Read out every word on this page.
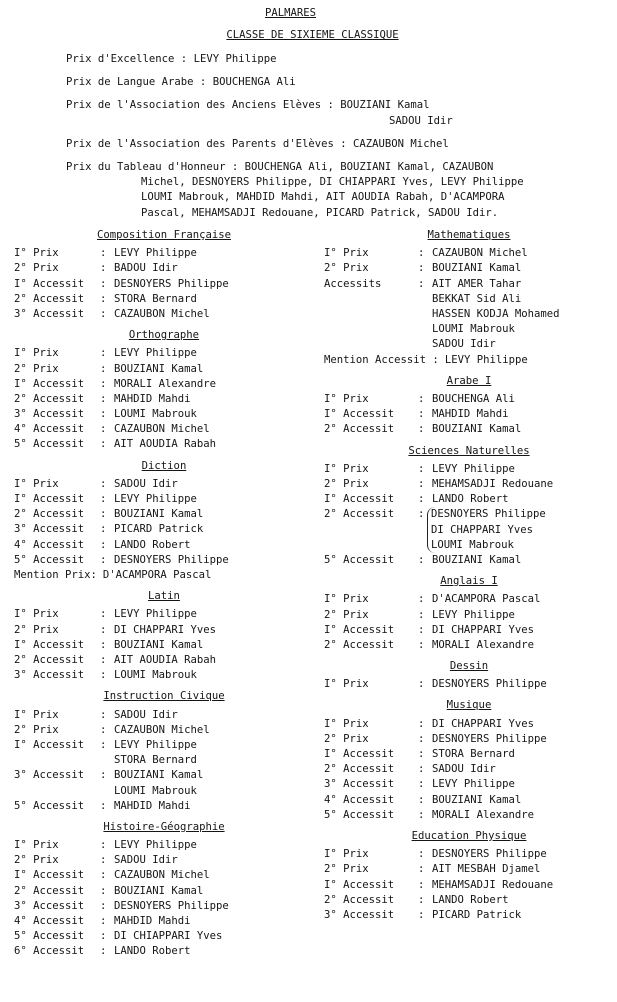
PALMARES
CLASSE DE SIXIEME CLASSIQUE
Prix d'Excellence : LEVY Philippe
Prix de Langue Arabe : BOUCHENGA Ali
Prix de l'Association des Anciens Elèves : BOUZIANI Kamal
SADOU Idir
Prix de l'Association des Parents d'Elèves : CAZAUBON Michel
Prix du Tableau d'Honneur : BOUCHENGA Ali, BOUZIANI Kamal, CAZAUBON
Michel, DESNOYERS Philippe, DI CHIAPPARI Yves, LEVY Philippe
LOUMI Mabrouk, MAHDID Mahdi, AIT AOUDIA Rabah, D'ACAMPORA
Pascal, MEHAMSADJI Redouane, PICARD Patrick, SADOU Idir.
Composition Française
I° Prix	: LEVY Philippe
2° Prix	: BADOU Idir
I° Accessit	: DESNOYERS Philippe
2° Accessit	: STORA Bernard
3° Accessit	: CAZAUBON Michel
Orthographe
I° Prix	: LEVY Philippe
2° Prix	: BOUZIANI Kamal
I° Accessit	: MORALI Alexandre
2° Accessit	: MAHDID Mahdi
3° Accessit	: LOUMI Mabrouk
4° Accessit	: CAZAUBON Michel
5° Accessit	: AIT AOUDIA Rabah
Diction
I° Prix	: SADOU Idir
I° Accessit	: LEVY Philippe
2° Accessit	: BOUZIANI Kamal
3° Accessit	: PICARD Patrick
4° Accessit	: LANDO Robert
5° Accessit	: DESNOYERS Philippe
Mention Prix: D'ACAMPORA Pascal
Latin
I° Prix	: LEVY Philippe
2° Prix	: DI CHAPPARI Yves
I° Accessit	: BOUZIANI Kamal
2° Accessit	: AIT AOUDIA Rabah
3° Accessit	: LOUMI Mabrouk
Instruction Civique
I° Prix	: SADOU Idir
2° Prix	: CAZAUBON Michel
I° Accessit	: LEVY Philippe
STORA Bernard
3° Accessit	: BOUZIANI Kamal
LOUMI Mabrouk
5° Accessit	: MAHDID Mahdi
Histoire-Géographie
I° Prix	: LEVY Philippe
2° Prix	: SADOU Idir
I° Accessit	: CAZAUBON Michel
2° Accessit	: BOUZIANI Kamal
3° Accessit	: DESNOYERS Philippe
4° Accessit	: MAHDID Mahdi
5° Accessit	: DI CHIAPPARI Yves
6° Accessit	: LANDO Robert
Mathematiques
I° Prix	: CAZAUBON Michel
2° Prix	: BOUZIANI Kamal
Accessits	: AIT AMER Tahar
BEKKAT Sid Ali
HASSEN KODJA Mohamed
LOUMI Mabrouk
SADOU Idir
Mention Accessit : LEVY Philippe
Arabe I
I° Prix	: BOUCHENGA Ali
I° Accessit	: MAHDID Mahdi
2° Accessit	: BOUZIANI Kamal
Sciences Naturelles
I° Prix	: LEVY Philippe
2° Prix	: MEHAMSADJI Redouane
I° Accessit	: LANDO Robert
2° Accessit	: DESNOYERS Philippe
DI CHAPPARI Yves
LOUMI Mabrouk
5° Accessit	: BOUZIANI Kamal
Anglais I
I° Prix	: D'ACAMPORA Pascal
2° Prix	: LEVY Philippe
I° Accessit	: DI CHAPPARI Yves
2° Accessit	: MORALI Alexandre
Dessin
I° Prix	: DESNOYERS Philippe
Musique
I° Prix	: DI CHAPPARI Yves
2° Prix	: DESNOYERS Philippe
I° Accessit	: STORA Bernard
2° Accessit	: SADOU Idir
3° Accessit	: LEVY Philippe
4° Accessit	: BOUZIANI Kamal
5° Accessit	: MORALI Alexandre
Education Physique
I° Prix	: DESNOYERS Philippe
2° Prix	: AIT MESBAH Djamel
I° Accessit	: MEHAMSADJI Redouane
2° Accessit	: LANDO Robert
3° Accessit	: PICARD Patrick
